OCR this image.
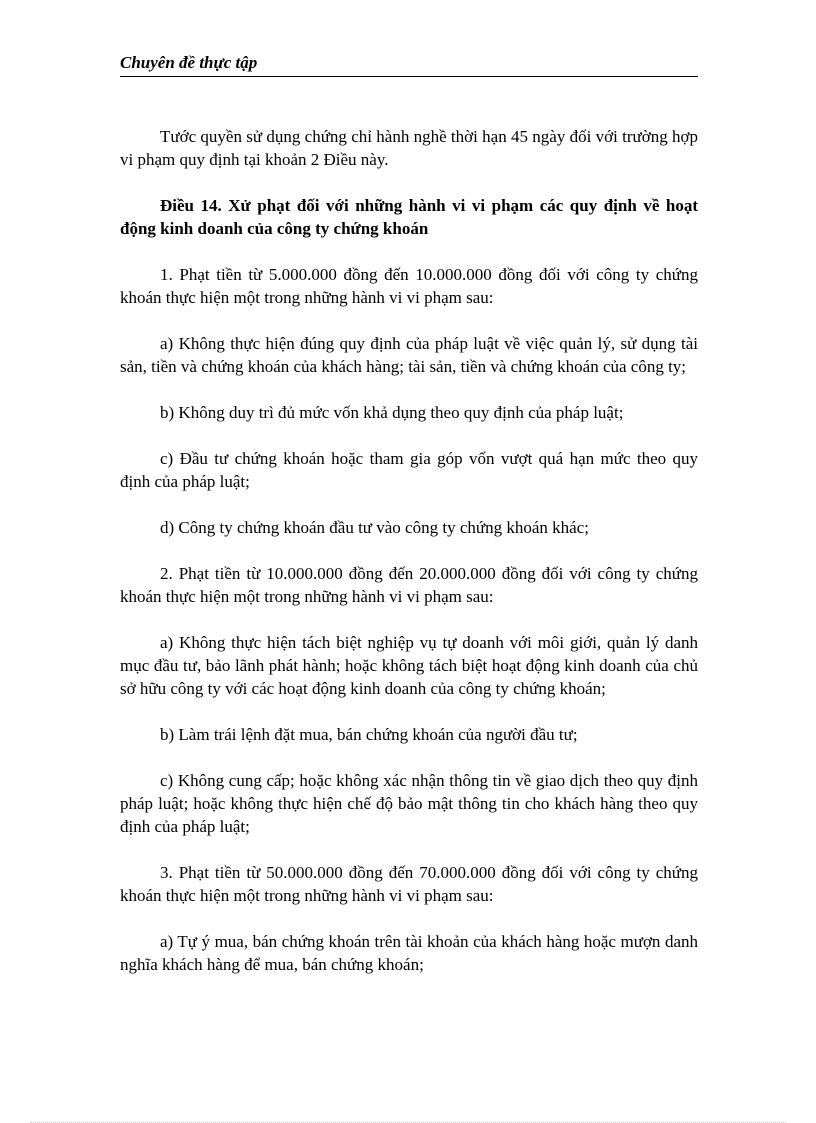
Chuyên đề thực tập

Tước quyền sử dụng chứng chỉ hành nghề thời hạn 45 ngày đối với trường hợp vi phạm quy định tại khoản 2 Điều này.

Điều 14. Xử phạt đối với những hành vi vi phạm các quy định về hoạt động kinh doanh của công ty chứng khoán

1. Phạt tiền từ 5.000.000 đồng đến 10.000.000 đồng đối với công ty chứng khoán thực hiện một trong những hành vi vi phạm sau:

a) Không thực hiện đúng quy định của pháp luật về việc quản lý, sử dụng tài sản, tiền và chứng khoán của khách hàng; tài sản, tiền và chứng khoán của công ty;

b) Không duy trì đủ mức vốn khả dụng theo quy định của pháp luật;

c) Đầu tư chứng khoán hoặc tham gia góp vốn vượt quá hạn mức theo quy định của pháp luật;

d) Công ty chứng khoán đầu tư vào công ty chứng khoán khác;

2. Phạt tiền từ 10.000.000 đồng đến 20.000.000 đồng đối với công ty chứng khoán thực hiện một trong những hành vi vi phạm sau:

a) Không thực hiện tách biệt nghiệp vụ tự doanh với môi giới, quản lý danh mục đầu tư, bảo lãnh phát hành; hoặc không tách biệt hoạt động kinh doanh của chủ sở hữu công ty với các hoạt động kinh doanh của công ty chứng khoán;

b) Làm trái lệnh đặt mua, bán chứng khoán của người đầu tư;

c) Không cung cấp; hoặc không xác nhận thông tin về giao dịch theo quy định pháp luật; hoặc không thực hiện chế độ bảo mật thông tin cho khách hàng theo quy định của pháp luật;

3. Phạt tiền từ 50.000.000 đồng đến 70.000.000 đồng đối với công ty chứng khoán thực hiện một trong những hành vi vi phạm sau:

a) Tự ý mua, bán chứng khoán trên tài khoản của khách hàng hoặc mượn danh nghĩa khách hàng để mua, bán chứng khoán;
